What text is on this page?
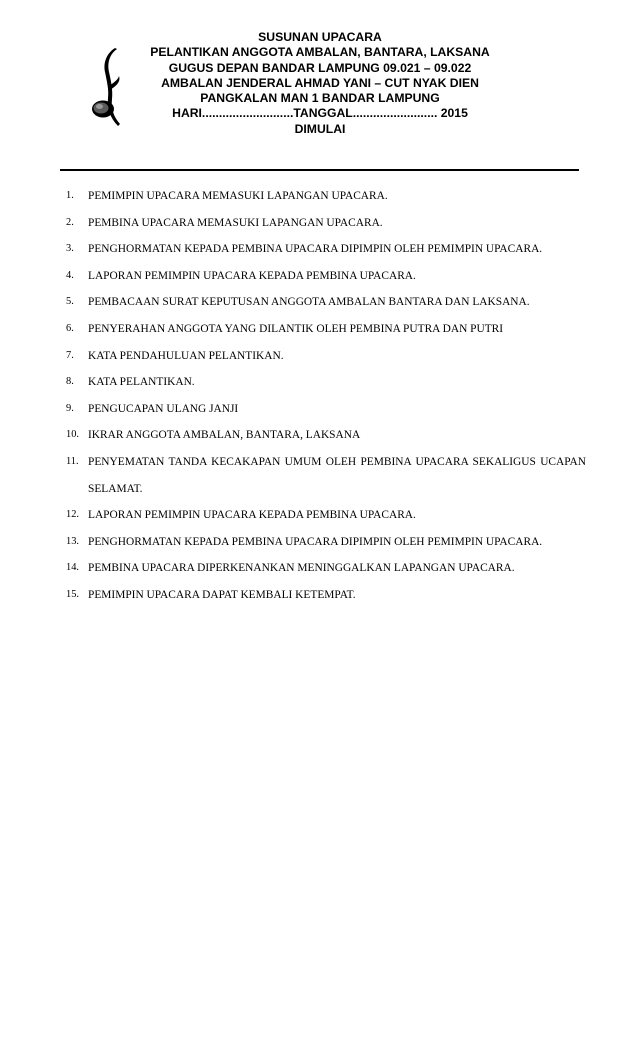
SUSUNAN UPACARA
PELANTIKAN ANGGOTA AMBALAN, BANTARA, LAKSANA
GUGUS DEPAN BANDAR LAMPUNG 09.021 – 09.022
AMBALAN JENDERAL AHMAD YANI – CUT NYAK DIEN
PANGKALAN MAN 1 BANDAR LAMPUNG
HARI...........................TANGGAL......................... 2015
DIMULAI
1. PEMIMPIN UPACARA MEMASUKI LAPANGAN UPACARA.
2. PEMBINA UPACARA MEMASUKI LAPANGAN UPACARA.
3. PENGHORMATAN KEPADA PEMBINA UPACARA DIPIMPIN OLEH PEMIMPIN UPACARA.
4. LAPORAN PEMIMPIN UPACARA KEPADA PEMBINA UPACARA.
5. PEMBACAAN SURAT KEPUTUSAN ANGGOTA AMBALAN BANTARA DAN LAKSANA.
6. PENYERAHAN ANGGOTA YANG DILANTIK OLEH PEMBINA PUTRA DAN PUTRI
7. KATA PENDAHULUAN PELANTIKAN.
8. KATA PELANTIKAN.
9. PENGUCAPAN ULANG JANJI
10. IKRAR ANGGOTA AMBALAN, BANTARA, LAKSANA
11. PENYEMATAN TANDA KECAKAPAN UMUM OLEH PEMBINA UPACARA SEKALIGUS UCAPAN SELAMAT.
12. LAPORAN PEMIMPIN UPACARA KEPADA PEMBINA UPACARA.
13. PENGHORMATAN KEPADA PEMBINA UPACARA DIPIMPIN OLEH PEMIMPIN UPACARA.
14. PEMBINA UPACARA DIPERKENANKAN MENINGGALKAN LAPANGAN UPACARA.
15. PEMIMPIN UPACARA DAPAT KEMBALI KETEMPAT.
